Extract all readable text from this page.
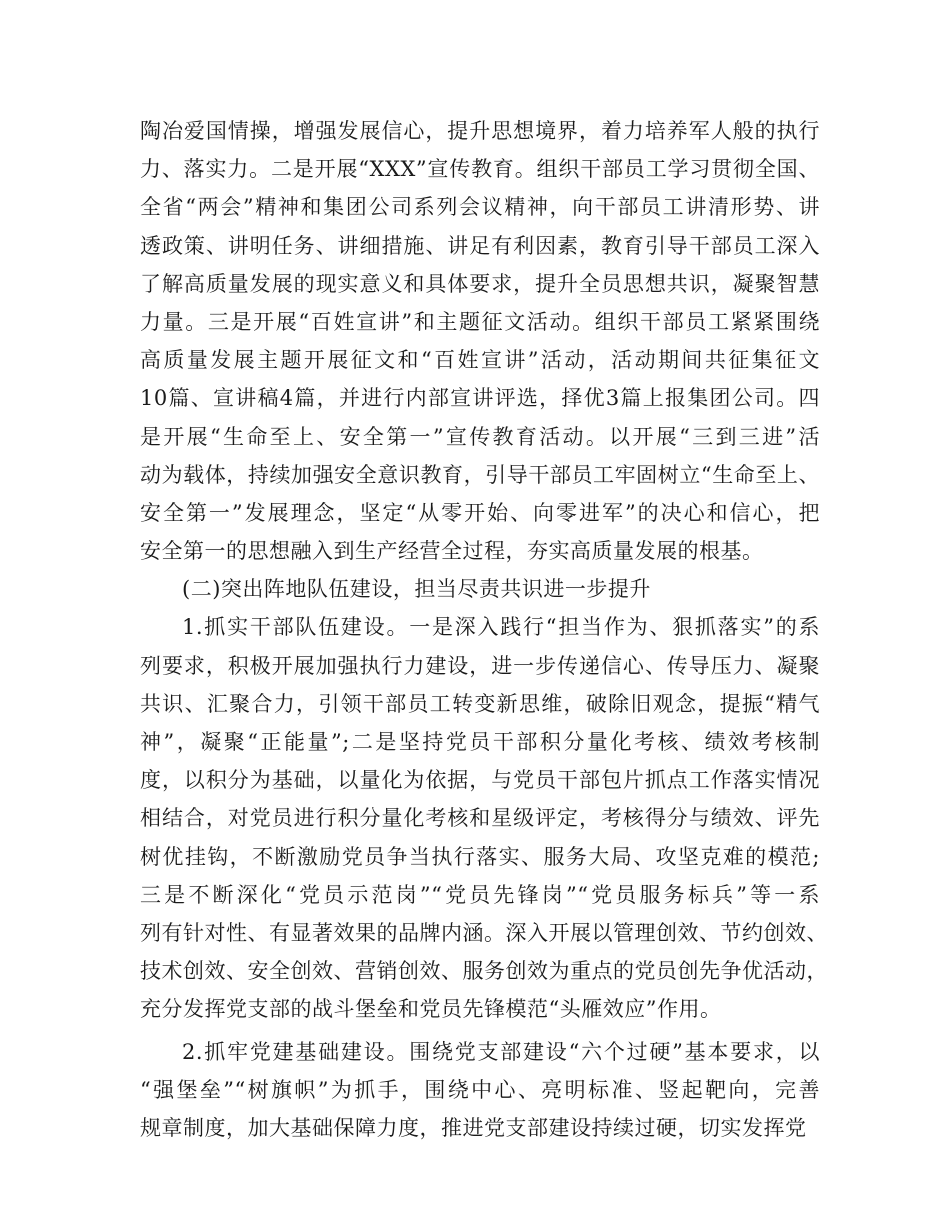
陶冶爱国情操，增强发展信心，提升思想境界，着力培养军人般的执行
力、落实力。二是开展“XXX”宣传教育。组织干部员工学习贯彻全国、
全省“两会”精神和集团公司系列会议精神，向干部员工讲清形势、讲
透政策、讲明任务、讲细措施、讲足有利因素，教育引导干部员工深入
了解高质量发展的现实意义和具体要求，提升全员思想共识，凝聚智慧
力量。三是开展“百姓宣讲”和主题征文活动。组织干部员工紧紧围绕
高质量发展主题开展征文和“百姓宣讲”活动，活动期间共征集征文
10篇、宣讲稿4篇，并进行内部宣讲评选，择优3篇上报集团公司。四
是开展“生命至上、安全第一”宣传教育活动。以开展“三到三进”活
动为载体，持续加强安全意识教育，引导干部员工牢固树立“生命至上、
安全第一”发展理念，坚定“从零开始、向零进军”的决心和信心，把
安全第一的思想融入到生产经营全过程，夯实高质量发展的根基。
(二)突出阵地队伍建设，担当尽责共识进一步提升
1.抓实干部队伍建设。一是深入践行“担当作为、狠抓落实”的系
列要求，积极开展加强执行力建设，进一步传递信心、传导压力、凝聚
共识、汇聚合力，引领干部员工转变新思维，破除旧观念，提振“精气
神”，凝聚“正能量”;二是坚持党员干部积分量化考核、绩效考核制
度，以积分为基础，以量化为依据，与党员干部包片抓点工作落实情况
相结合，对党员进行积分量化考核和星级评定，考核得分与绩效、评先
树优挂钩，不断激励党员争当执行落实、服务大局、攻坚克难的模范;
三是不断深化“党员示范岗”“党员先锋岗”“党员服务标兵”等一系
列有针对性、有显著效果的品牌内涵。深入开展以管理创效、节约创效、
技术创效、安全创效、营销创效、服务创效为重点的党员创先争优活动，
充分发挥党支部的战斗堡垒和党员先锋模范“头雁效应”作用。
2.抓牢党建基础建设。围绕党支部建设“六个过硬”基本要求，以
“强堡垒”“树旗帜”为抓手，围绕中心、亮明标准、竖起靶向，完善
规章制度，加大基础保障力度，推进党支部建设持续过硬，切实发挥党
